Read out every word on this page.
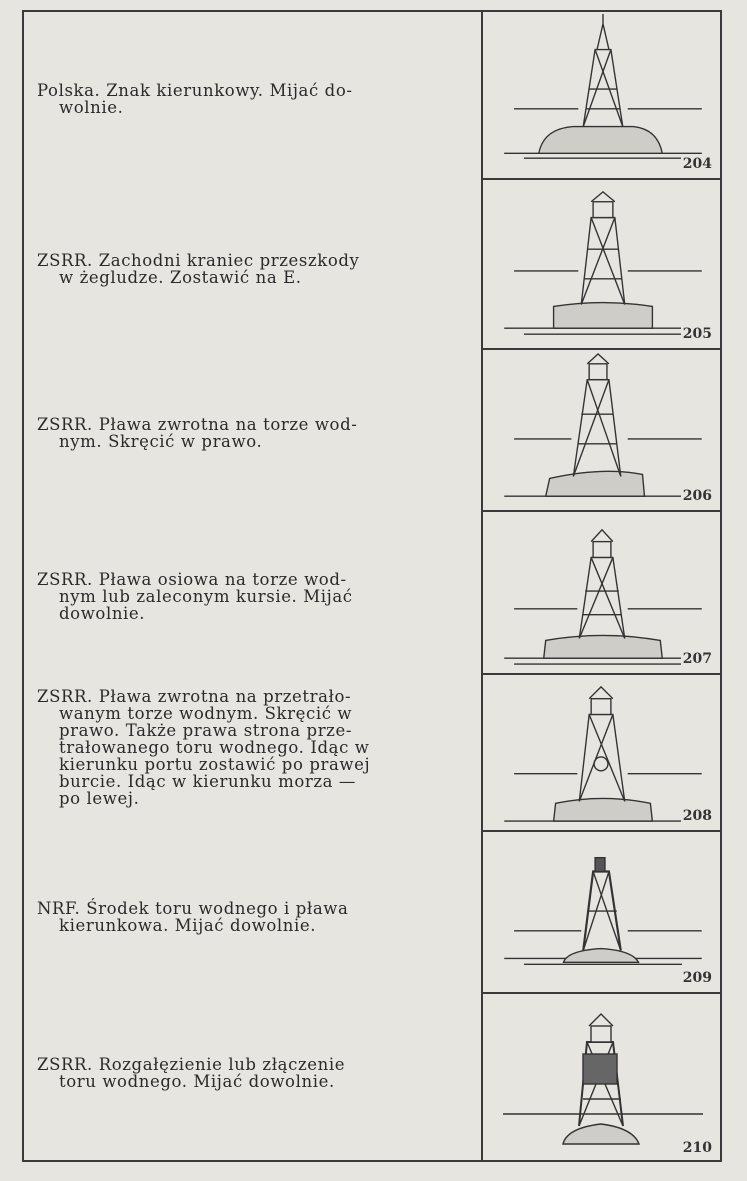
Polska. Znak kierunkowy. Mijać do-
wolnie.
ZSRR. Zachodni kraniec przeszkody
w żegludze. Zostawić na E.
ZSRR. Pława zwrotna na torze wod-
nym. Skręcić w prawo.
ZSRR. Pława osiowa na torze wod-
nym lub zaleconym kursie. Mijać
dowolnie.
ZSRR. Pława zwrotna na przetrało-
wanym torze wodnym. Skręcić w
prawo. Także prawa strona prze-
trałowanego toru wodnego. Idąc w
kierunku portu zostawić po prawej
burcie. Idąc w kierunku morza —
po lewej.
NRF. Środek toru wodnego i pława
kierunkowa. Mijać dowolnie.
ZSRR. Rozgałęzienie lub złączenie
toru wodnego. Mijać dowolnie.
204
205
206
207
208
209
210
